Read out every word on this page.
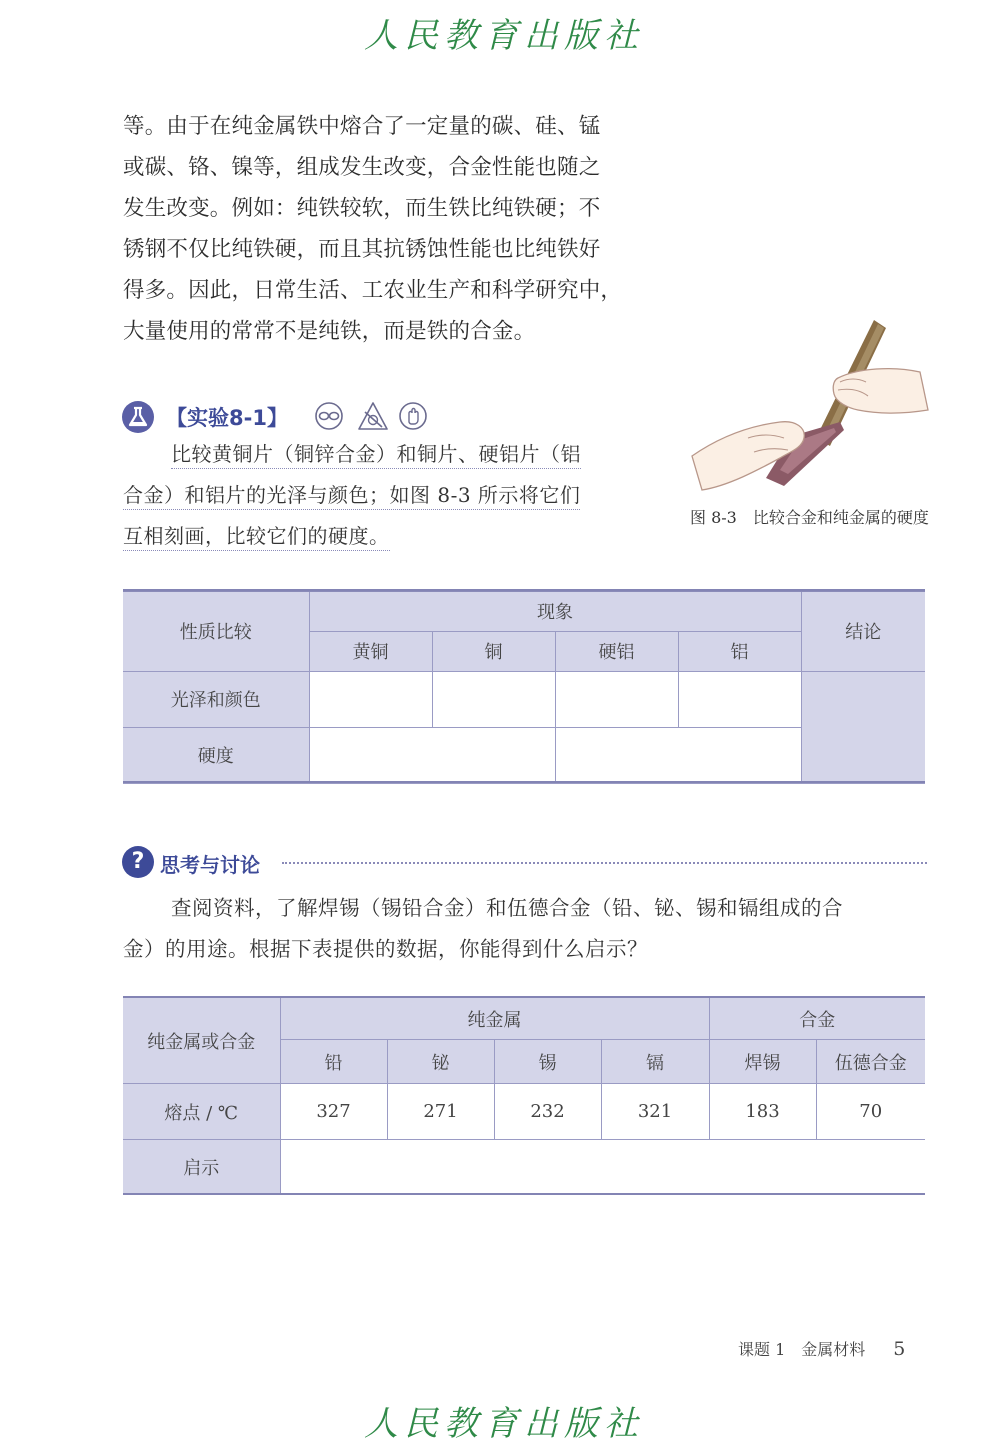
人民教育出版社
等。由于在纯金属铁中熔合了一定量的碳、硅、锰
或碳、铬、镍等，组成发生改变，合金性能也随之
发生改变。例如：纯铁较软，而生铁比纯铁硬；不
锈钢不仅比纯铁硬，而且其抗锈蚀性能也比纯铁好
得多。因此，日常生活、工农业生产和科学研究中，
大量使用的常常不是纯铁，而是铁的合金。
【实验8-1】
比较黄铜片（铜锌合金）和铜片、硬铝片（铝
合金）和铝片的光泽与颜色；如图 8-3 所示将它们
互相刻画，比较它们的硬度。
图 8-3　比较合金和纯金属的硬度
性质比较	现象				结论
	黄铜	铜	硬铝	铝	
光泽和颜色					
硬度					
? 思考与讨论
查阅资料，了解焊锡（锡铅合金）和伍德合金（铅、铋、锡和镉组成的合
金）的用途。根据下表提供的数据，你能得到什么启示？
纯金属或合金	纯金属				合金	
	铅	铋	锡	镉	焊锡	伍德合金
熔点 / ℃	327	271	232	321	183	70
启示						
课题 1　金属材料 5
人民教育出版社
